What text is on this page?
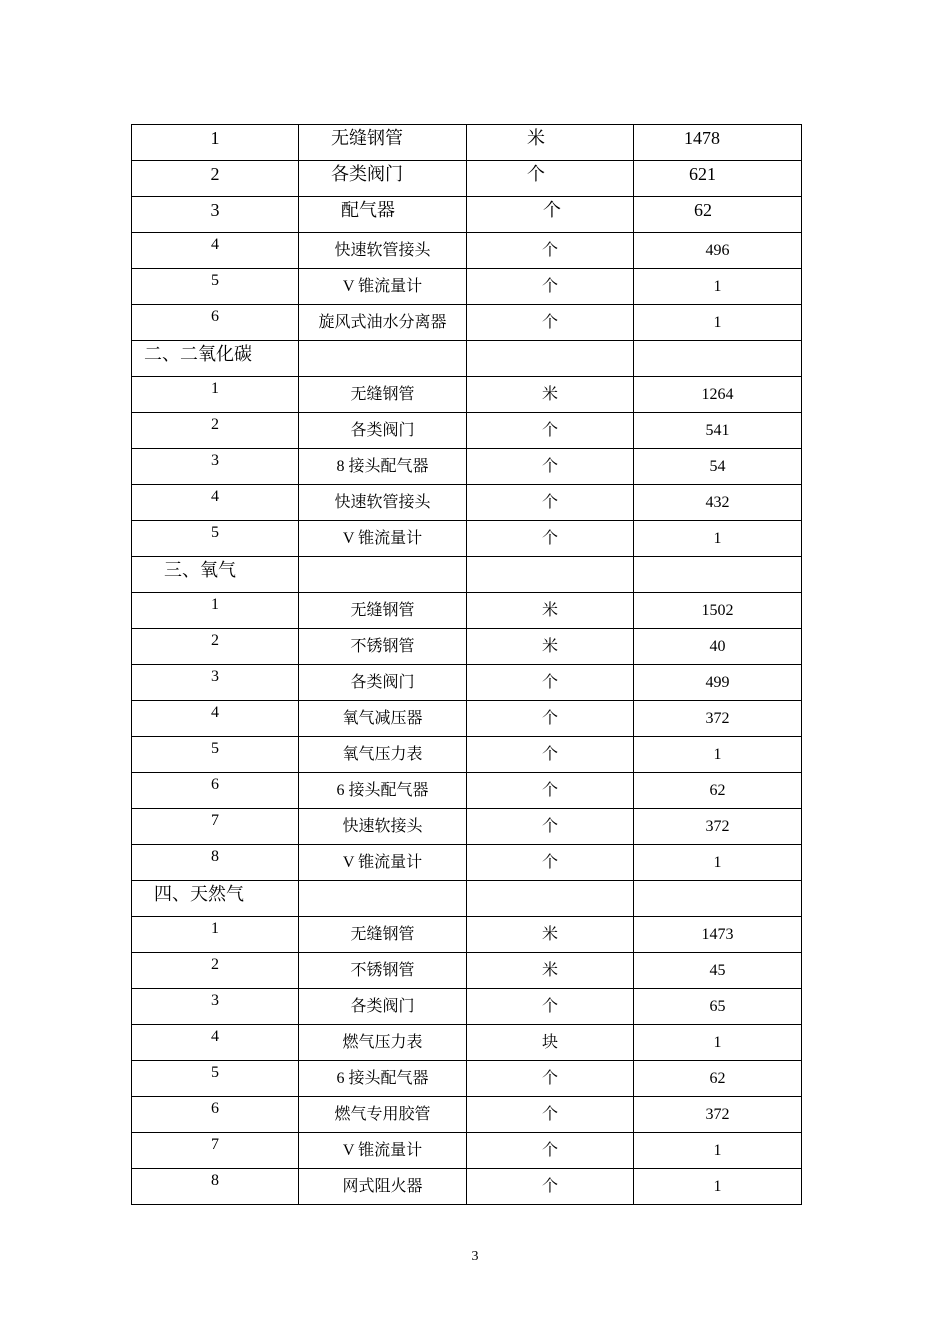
1	无缝钢管	米	1478
2	各类阀门	个	621
3	配气器	个	62
4	快速软管接头	个	496
5	V 锥流量计	个	1
6	旋风式油水分离器	个	1
二、二氧化碳			
1	无缝钢管	米	1264
2	各类阀门	个	541
3	8 接头配气器	个	54
4	快速软管接头	个	432
5	V 锥流量计	个	1
三、氧气			
1	无缝钢管	米	1502
2	不锈钢管	米	40
3	各类阀门	个	499
4	氧气减压器	个	372
5	氧气压力表	个	1
6	6 接头配气器	个	62
7	快速软接头	个	372
8	V 锥流量计	个	1
四、天然气			
1	无缝钢管	米	1473
2	不锈钢管	米	45
3	各类阀门	个	65
4	燃气压力表	块	1
5	6 接头配气器	个	62
6	燃气专用胶管	个	372
7	V 锥流量计	个	1
8	网式阻火器	个	1
3
